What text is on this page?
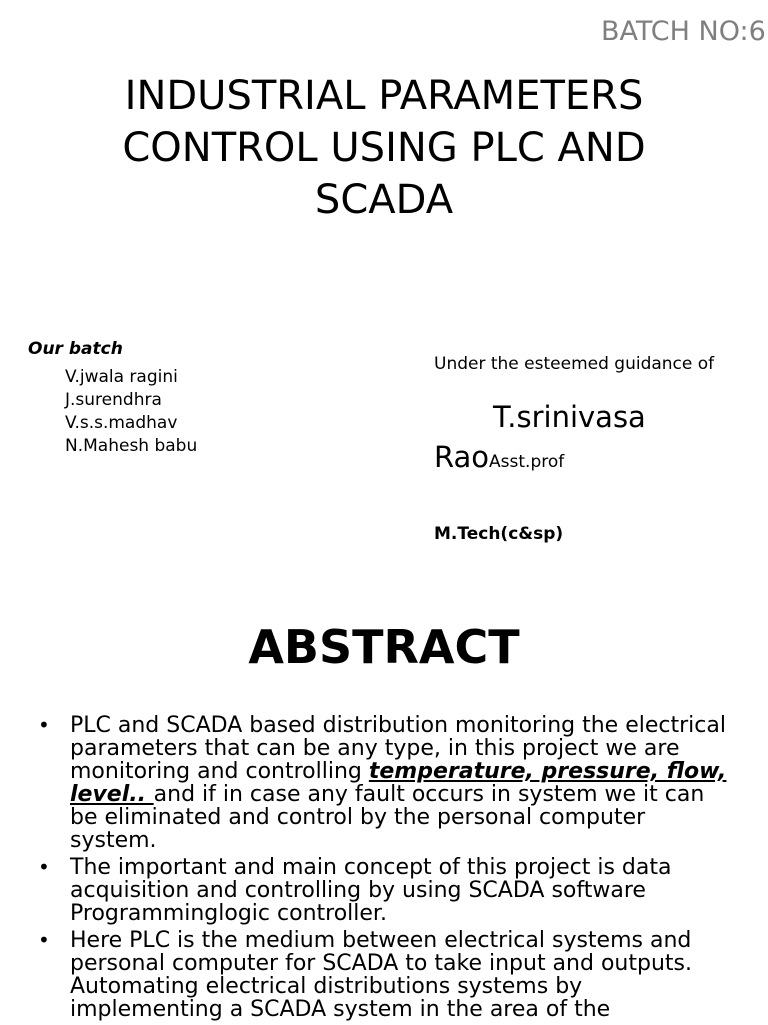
BATCH NO:6
INDUSTRIAL PARAMETERS
CONTROL USING PLC AND
SCADA
Our batch
V.jwala ragini
J.surendhra
V.s.s.madhav
N.Mahesh babu
Under the esteemed guidance of
T.srinivasa
RaoAsst.prof
M.Tech(c&sp)
ABSTRACT
• PLC and SCADA based distribution monitoring the electrical parameters that can be any type, in this project we are monitoring and controlling temperature, pressure, flow, level.. and if in case any fault occurs in system we it can be eliminated and control by the personal computer system.
• The important and main concept of this project is data acquisition and controlling by using SCADA software Programminglogic controller.
• Here PLC is the medium between electrical systems and personal computer for SCADA to take input and outputs. Automating electrical distributions systems by implementing a SCADA system in the area of the
